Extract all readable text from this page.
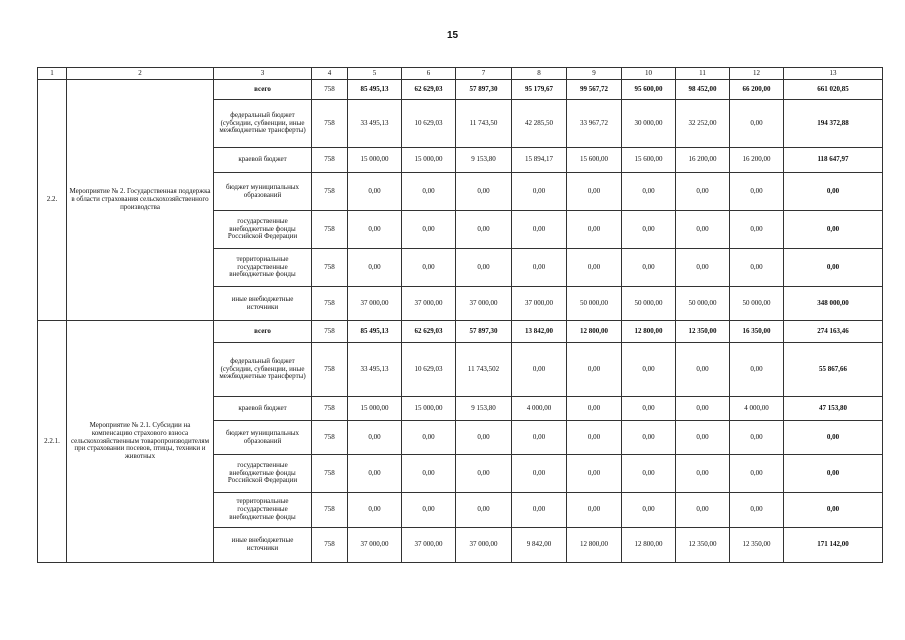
15
1	2	3	4	5	6	7	8	9	10	11	12	13
2.2.	Мероприятие № 2. Государственная поддержка в области страхования сельскохозяйственного производства	всего	758	85 495,13	62 629,03	57 897,30	95 179,67	99 567,72	95 600,00	98 452,00	66 200,00	661 020,85
		федеральный бюджет (субсидии, субвенции, иные межбюджетные трансферты)	758	33 495,13	10 629,03	11 743,50	42 285,50	33 967,72	30 000,00	32 252,00	0,00	194 372,88
		краевой бюджет	758	15 000,00	15 000,00	9 153,80	15 894,17	15 600,00	15 600,00	16 200,00	16 200,00	118 647,97
		бюджет муниципальных образований	758	0,00	0,00	0,00	0,00	0,00	0,00	0,00	0,00	0,00
		государственные внебюджетные фонды Российской Федерации	758	0,00	0,00	0,00	0,00	0,00	0,00	0,00	0,00	0,00
		территориальные государственные внебюджетные фонды	758	0,00	0,00	0,00	0,00	0,00	0,00	0,00	0,00	0,00
		иные внебюджетные источники	758	37 000,00	37 000,00	37 000,00	37 000,00	50 000,00	50 000,00	50 000,00	50 000,00	348 000,00
2.2.1.	Мероприятие № 2.1. Субсидии на компенсацию страхового взноса сельскохозяйственным товаропроизводителям при страховании посевов, птицы, техники и животных	всего	758	85 495,13	62 629,03	57 897,30	13 842,00	12 800,00	12 800,00	12 350,00	16 350,00	274 163,46
		федеральный бюджет (субсидии, субвенции, иные межбюджетные трансферты)	758	33 495,13	10 629,03	11 743,502	0,00	0,00	0,00	0,00	0,00	55 867,66
		краевой бюджет	758	15 000,00	15 000,00	9 153,80	4 000,00	0,00	0,00	0,00	4 000,00	47 153,80
		бюджет муниципальных образований	758	0,00	0,00	0,00	0,00	0,00	0,00	0,00	0,00	0,00
		государственные внебюджетные фонды Российской Федерации	758	0,00	0,00	0,00	0,00	0,00	0,00	0,00	0,00	0,00
		территориальные государственные внебюджетные фонды	758	0,00	0,00	0,00	0,00	0,00	0,00	0,00	0,00	0,00
		иные внебюджетные источники	758	37 000,00	37 000,00	37 000,00	9 842,00	12 800,00	12 800,00	12 350,00	12 350,00	171 142,00
